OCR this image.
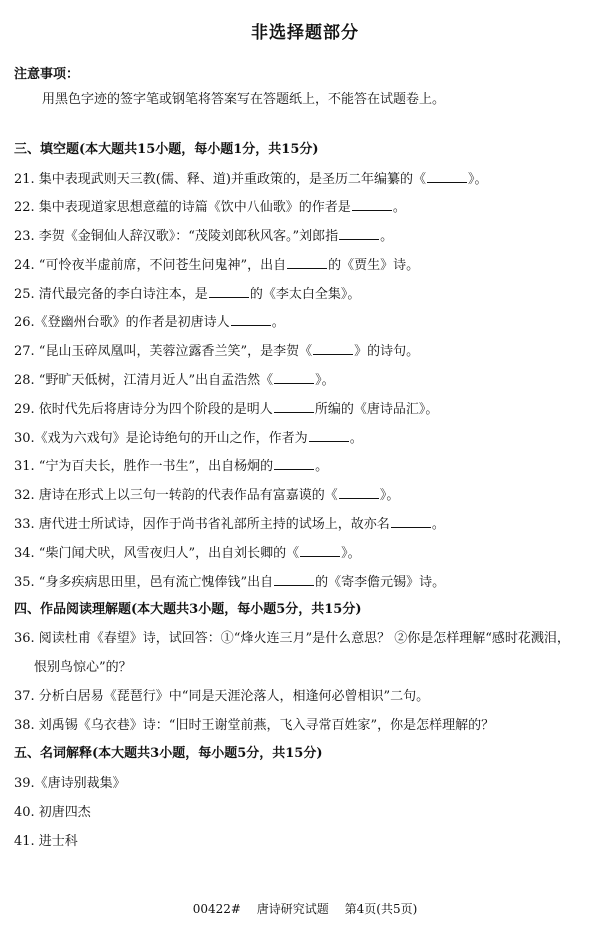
非选择题部分
注意事项：
用黑色字迹的签字笔或钢笔将答案写在答题纸上，不能答在试题卷上。
三、填空题(本大题共15小题，每小题1分，共15分)
21. 集中表现武则天三教(儒、释、道)并重政策的，是圣历二年编纂的《	》。
22. 集中表现道家思想意蕴的诗篇《饮中八仙歌》的作者是	。
23. 李贺《金铜仙人辞汉歌》：“茂陵刘郎秋风客。”刘郎指	。
24. “可怜夜半虚前席，不问苍生问鬼神”，出自	的《贾生》诗。
25. 清代最完备的李白诗注本，是	的《李太白全集》。
26.《登幽州台歌》的作者是初唐诗人	。
27. “昆山玉碎凤凰叫，芙蓉泣露香兰笑”，是李贺《	》的诗句。
28. “野旷天低树，江清月近人”出自孟浩然《	》。
29. 依时代先后将唐诗分为四个阶段的是明人	所编的《唐诗品汇》。
30.《戏为六戏句》是论诗绝句的开山之作，作者为	。
31. “宁为百夫长，胜作一书生”，出自杨炯的	。
32. 唐诗在形式上以三句一转韵的代表作品有富嘉谟的《	》。
33. 唐代进士所试诗，因作于尚书省礼部所主持的试场上，故亦名	。
34. “柴门闻犬吠，风雪夜归人”，出自刘长卿的《	》。
35. “身多疾病思田里，邑有流亡愧俸钱”出自	的《寄李儋元锡》诗。
四、作品阅读理解题(本大题共3小题，每小题5分，共15分)
36. 阅读杜甫《春望》诗，试回答：①“烽火连三月”是什么意思？ ②你是怎样理解“感时花溅泪，
恨别鸟惊心”的？
37. 分析白居易《琵琶行》中“同是天涯沦落人，相逢何必曾相识”二句。
38. 刘禹锡《乌衣巷》诗：“旧时王谢堂前燕，飞入寻常百姓家”，你是怎样理解的？
五、名词解释(本大题共3小题，每小题5分，共15分)
39.《唐诗别裁集》
40. 初唐四杰
41. 进士科
00422# 唐诗研究试题 第4页(共5页)
